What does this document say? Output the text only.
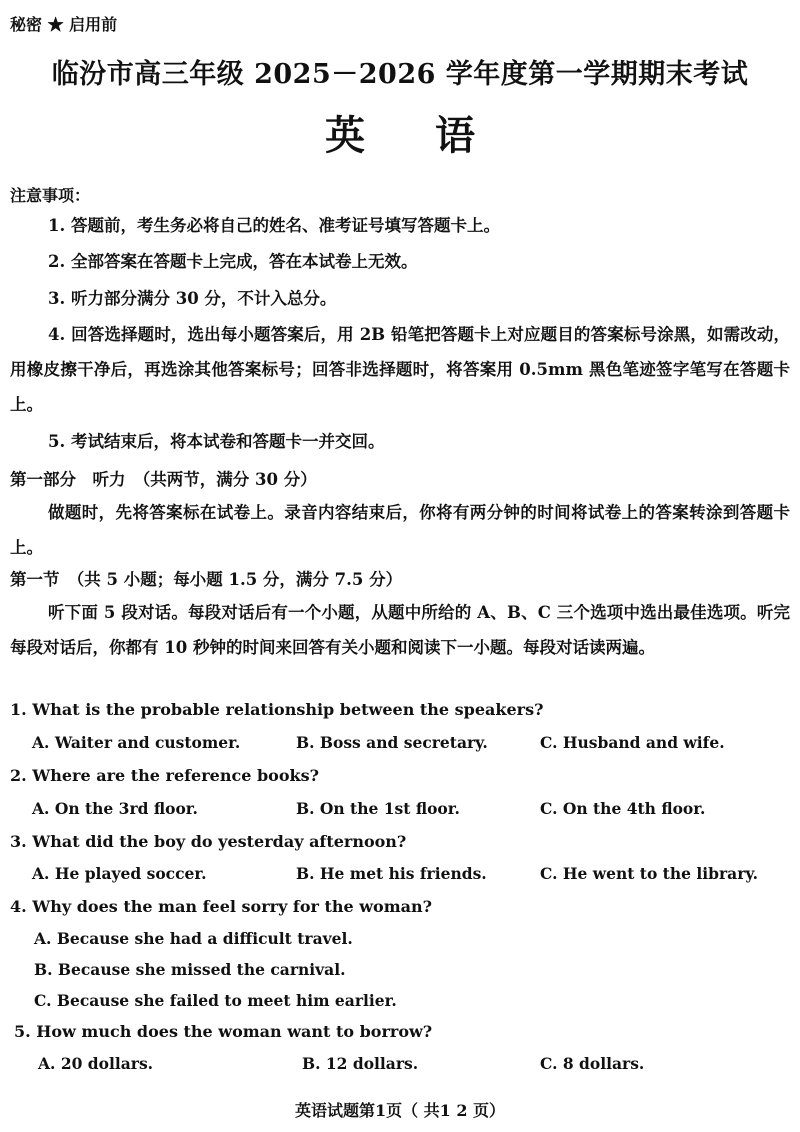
秘密 ★ 启用前
临汾市高三年级 2025－2026 学年度第一学期期末考试
英语
注意事项：
1. 答题前，考生务必将自己的姓名、准考证号填写答题卡上。
2. 全部答案在答题卡上完成，答在本试卷上无效。
3. 听力部分满分 30 分，不计入总分。
4. 回答选择题时，选出每小题答案后，用 2B 铅笔把答题卡上对应题目的答案标号涂黑，如需改动，用橡皮擦干净后，再选涂其他答案标号；回答非选择题时，将答案用 0.5mm 黑色笔迹签字笔写在答题卡上。
5. 考试结束后，将本试卷和答题卡一并交回。
第一部分　听力　（共两节，满分 30 分）
做题时，先将答案标在试卷上。录音内容结束后，你将有两分钟的时间将试卷上的答案转涂到答题卡上。
第一节　（共 5 小题；每小题 1.5 分，满分 7.5 分）
听下面 5 段对话。每段对话后有一个小题，从题中所给的 A、B、C 三个选项中选出最佳选项。听完每段对话后，你都有 10 秒钟的时间来回答有关小题和阅读下一小题。每段对话读两遍。
1. What is the probable relationship between the speakers?
A. Waiter and customer.	B. Boss and secretary.	C. Husband and wife.
2. Where are the reference books?
A. On the 3rd floor.	B. On the 1st floor.	C. On the 4th floor.
3. What did the boy do yesterday afternoon?
A. He played soccer.	B. He met his friends.	C. He went to the library.
4. Why does the man feel sorry for the woman?
A. Because she had a difficult travel.
B. Because she missed the carnival.
C. Because she failed to meet him earlier.
5. How much does the woman want to borrow?
A. 20 dollars.	B. 12 dollars.	C. 8 dollars.
英语试题第1页（ 共1 2 页）
